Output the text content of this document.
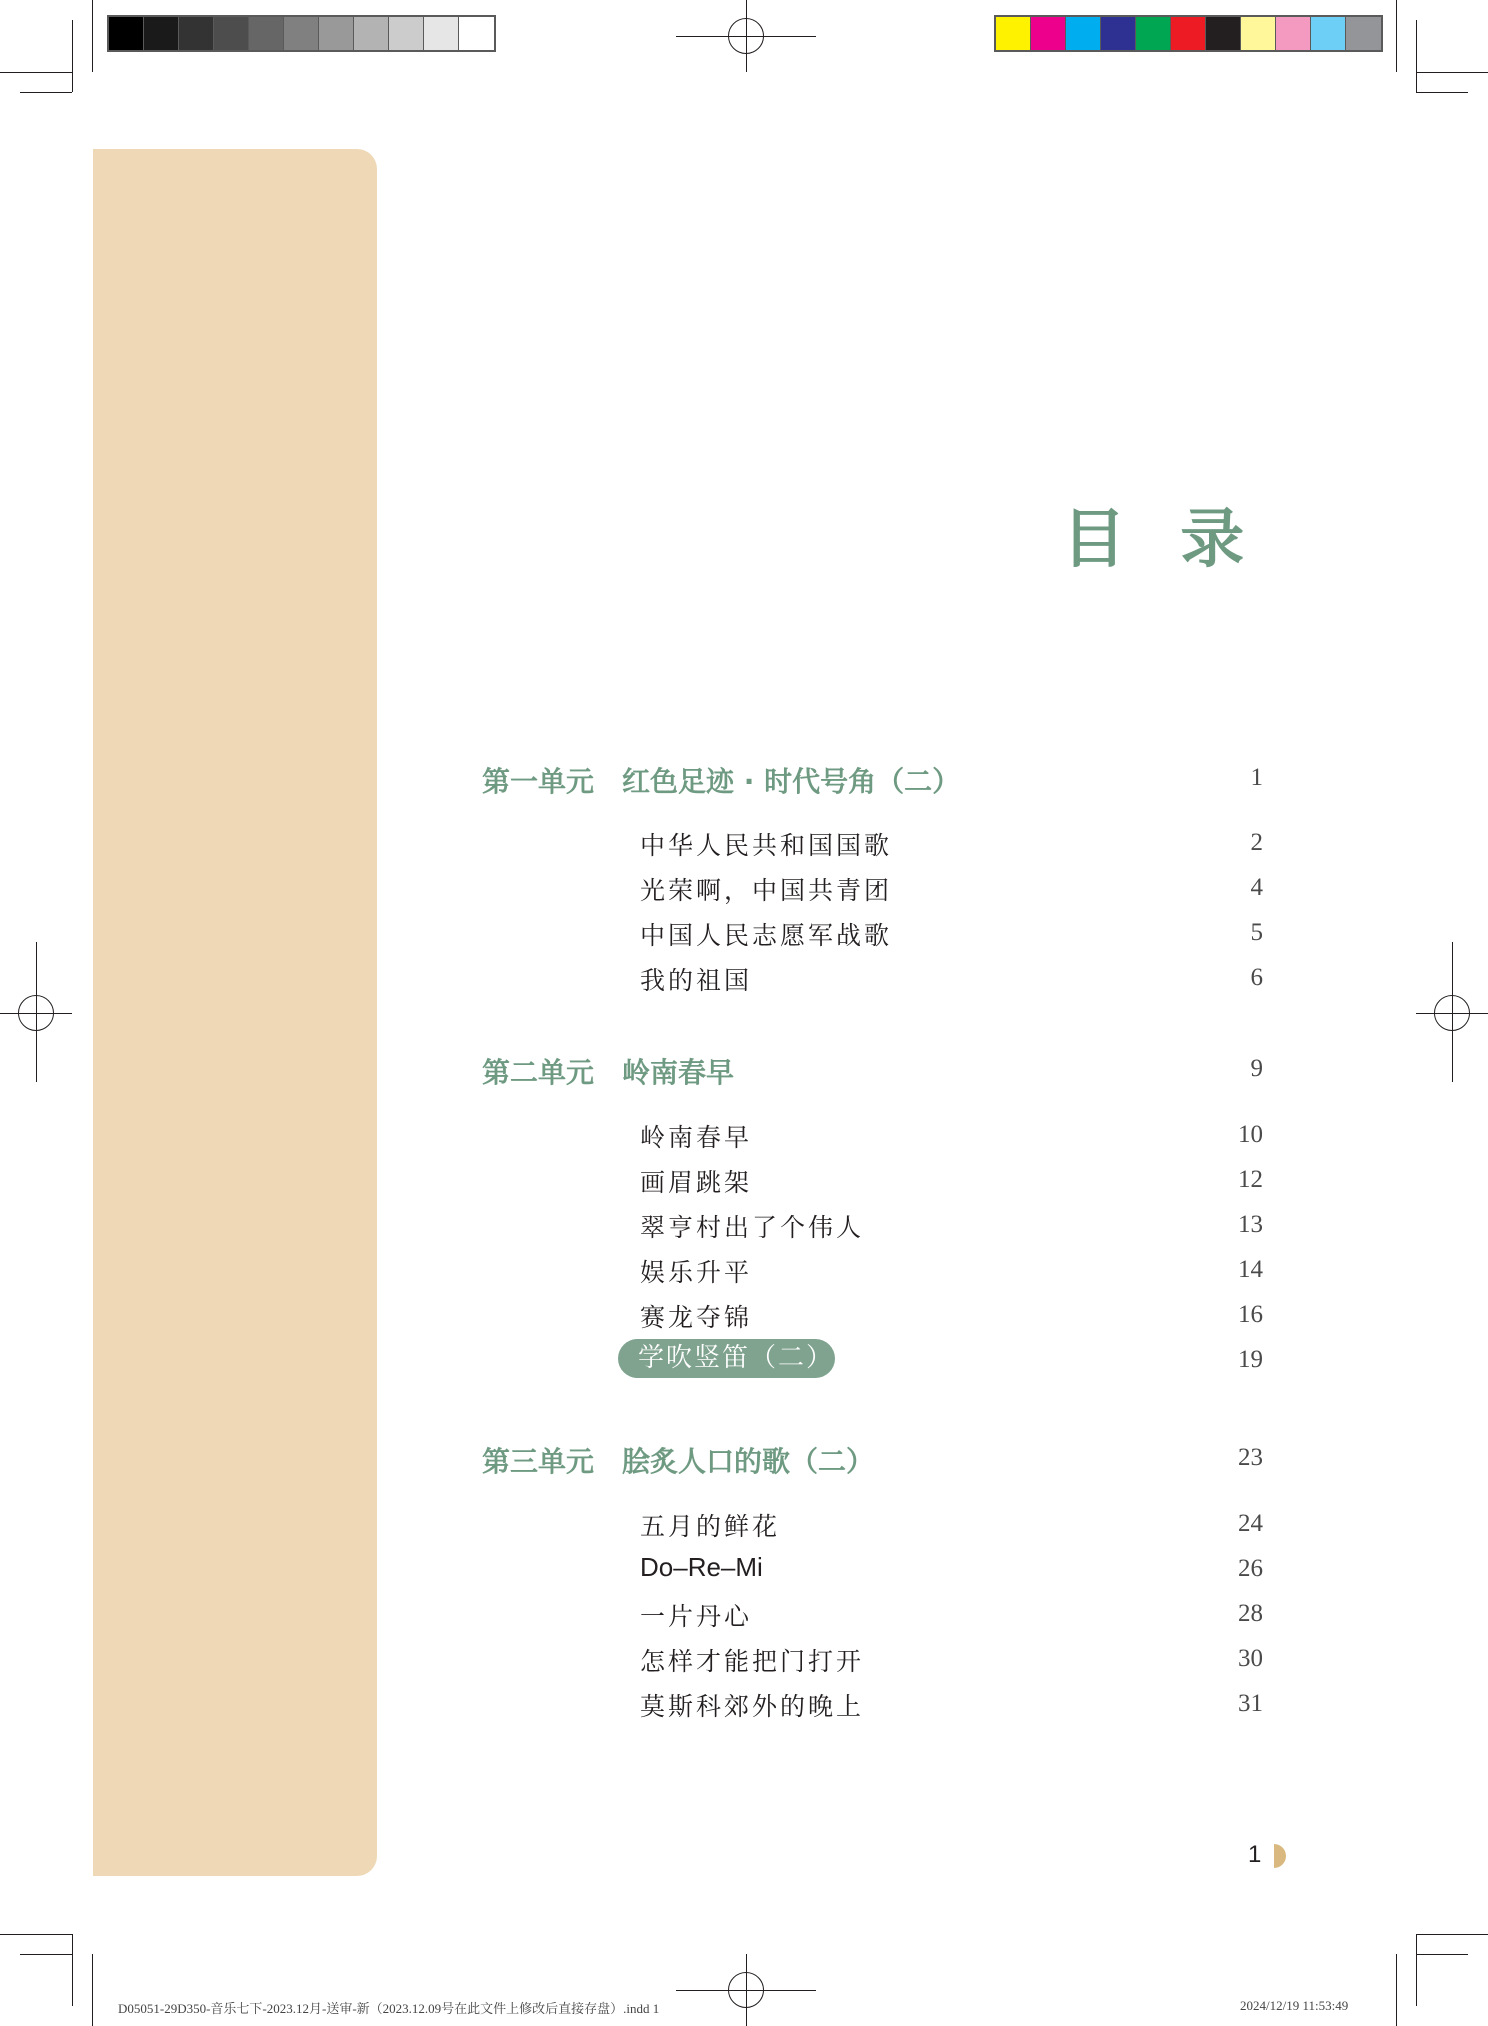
目 录
第一单元 红色足迹 · 时代号角（二）	1
中华人民共和国国歌	2
光荣啊，中国共青团	4
中国人民志愿军战歌	5
我的祖国	6
第二单元 岭南春早	9
岭南春早	10
画眉跳架	12
翠亨村出了个伟人	13
娱乐升平	14
赛龙夺锦	16
学吹竖笛（二）	19
第三单元 脍炙人口的歌（二）	23
五月的鲜花	24
Do–Re–Mi	26
一片丹心	28
怎样才能把门打开	30
莫斯科郊外的晚上	31
1
D05051-29D350-音乐七下-2023.12月-送审-新（2023.12.09号在此文件上修改后直接存盘）.indd 1	2024/12/19 11:53:49
